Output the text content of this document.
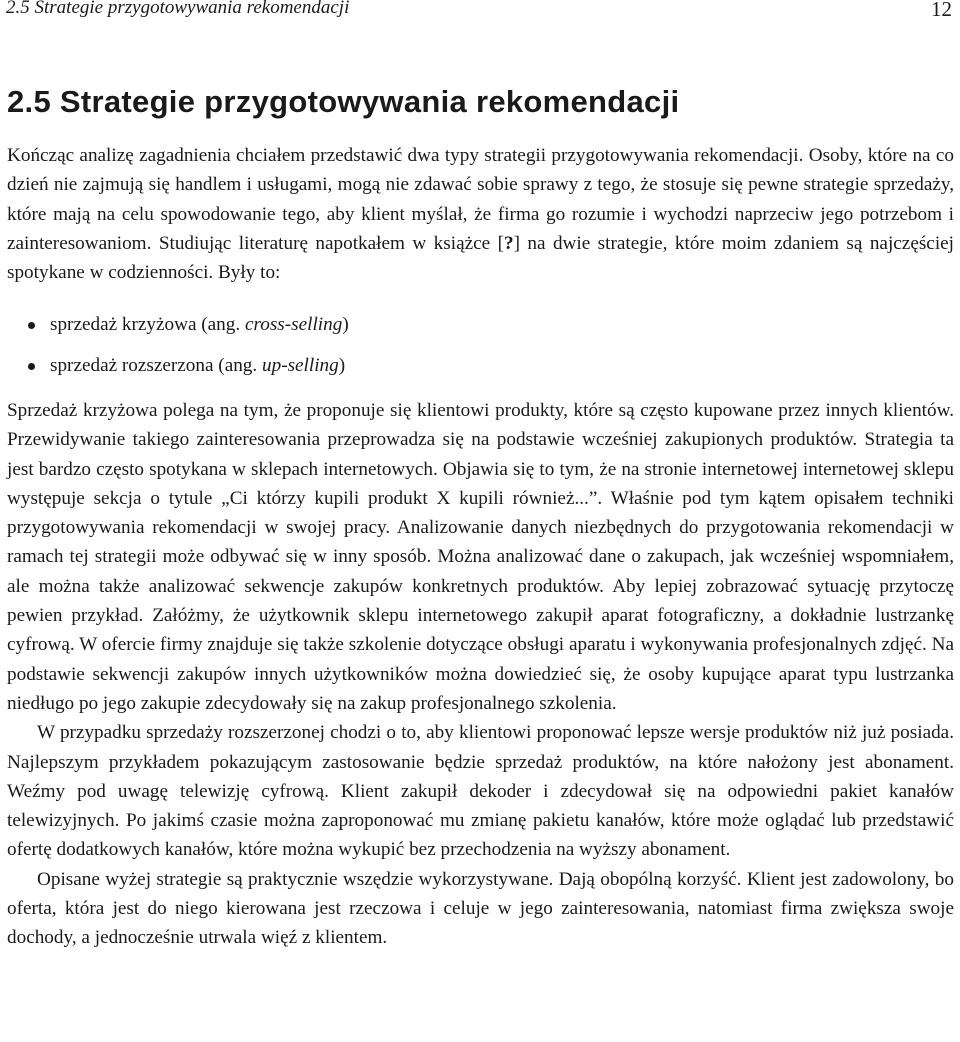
2.5 Strategie przygotowywania rekomendacji	12
2.5 Strategie przygotowywania rekomendacji

Kończąc analizę zagadnienia chciałem przedstawić dwa typy strategii przygotowywania rekomendacji. Osoby, które na co dzień nie zajmują się handlem i usługami, mogą nie zdawać sobie sprawy z tego, że stosuje się pewne strategie sprzedaży, które mają na celu spowodowanie tego, aby klient myślał, że firma go rozumie i wychodzi naprzeciw jego potrzebom i zainteresowaniom. Studiując literaturę napotkałem w książce [?] na dwie strategie, które moim zdaniem są najczęściej spotykane w codzienności. Były to:

sprzedaż krzyżowa (ang. cross-selling)
sprzedaż rozszerzona (ang. up-selling)

Sprzedaż krzyżowa polega na tym, że proponuje się klientowi produkty, które są często kupowane przez innych klientów. Przewidywanie takiego zainteresowania przeprowadza się na podstawie wcześniej zakupionych produktów. Strategia ta jest bardzo często spotykana w sklepach internetowych. Objawia się to tym, że na stronie internetowej internetowej sklepu występuje sekcja o tytule „Ci którzy kupili produkt X kupili również...”. Właśnie pod tym kątem opisałem techniki przygotowywania rekomendacji w swojej pracy. Analizowanie danych niezbędnych do przygotowania rekomendacji w ramach tej strategii może odbywać się w inny sposób. Można analizować dane o zakupach, jak wcześniej wspomniałem, ale można także analizować sekwencje zakupów konkretnych produktów. Aby lepiej zobrazować sytuację przytoczę pewien przykład. Załóżmy, że użytkownik sklepu internetowego zakupił aparat fotograficzny, a dokładnie lustrzankę cyfrową. W ofercie firmy znajduje się także szkolenie dotyczące obsługi aparatu i wykonywania profesjonalnych zdjęć. Na podstawie sekwencji zakupów innych użytkowników można dowiedzieć się, że osoby kupujące aparat typu lustrzanka niedługo po jego zakupie zdecydowały się na zakup profesjonalnego szkolenia.

W przypadku sprzedaży rozszerzonej chodzi o to, aby klientowi proponować lepsze wersje produktów niż już posiada. Najlepszym przykładem pokazującym zastosowanie będzie sprzedaż produktów, na które nałożony jest abonament. Weźmy pod uwagę telewizję cyfrową. Klient zakupił dekoder i zdecydował się na odpowiedni pakiet kanałów telewizyjnych. Po jakimś czasie można zaproponować mu zmianę pakietu kanałów, które może oglądać lub przedstawić ofertę dodatkowych kanałów, które można wykupić bez przechodzenia na wyższy abonament.

Opisane wyżej strategie są praktycznie wszędzie wykorzystywane. Dają obopólną korzyść. Klient jest zadowolony, bo oferta, która jest do niego kierowana jest rzeczowa i celuje w jego zainteresowania, natomiast firma zwiększa swoje dochody, a jednocześnie utrwala więź z klientem.
